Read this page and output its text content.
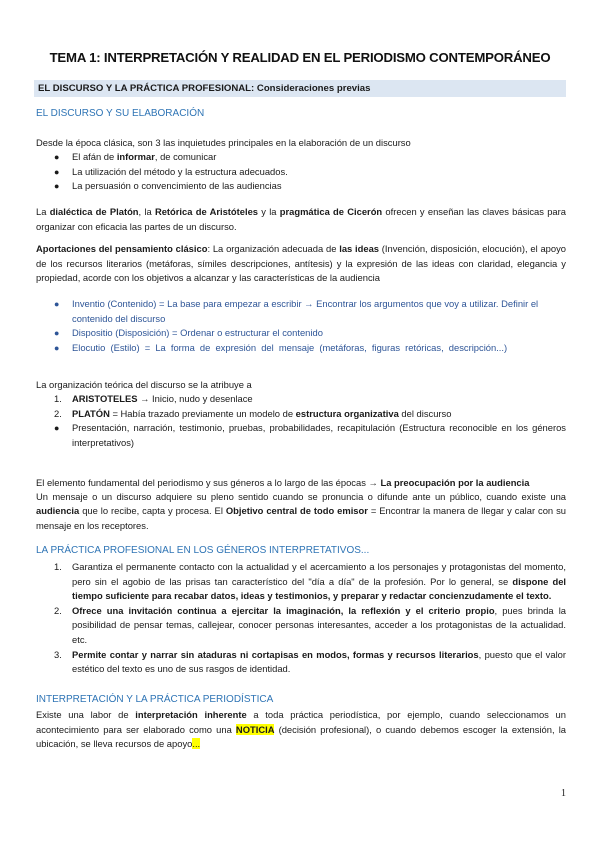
TEMA 1: INTERPRETACIÓN Y REALIDAD EN EL PERIODISMO CONTEMPORÁNEO
EL DISCURSO Y LA PRÁCTICA PROFESIONAL: Consideraciones previas
EL DISCURSO Y SU ELABORACIÓN
Desde la época clásica, son 3 las inquietudes principales en la elaboración de un discurso
● El afán de informar, de comunicar
● La utilización del método y la estructura adecuados.
● La persuasión o convencimiento de las audiencias
La dialéctica de Platón, la Retórica de Aristóteles y la pragmática de Cicerón ofrecen y enseñan las claves básicas para organizar con eficacia las partes de un discurso.
Aportaciones del pensamiento clásico: La organización adecuada de las ideas (Invención, disposición, elocución), el apoyo de los recursos literarios (metáforas, símiles descripciones, antítesis) y la expresión de las ideas con claridad, elegancia y propiedad, acorde con los objetivos a alcanzar y las características de la audiencia
● Inventio (Contenido) = La base para empezar a escribir → Encontrar los argumentos que voy a utilizar. Definir el contenido del discurso
● Dispositio (Disposición) = Ordenar o estructurar el contenido
● Elocutio (Estilo) = La forma de expresión del mensaje (metáforas, figuras retóricas, descripción...)
La organización teórica del discurso se la atribuye a
1. ARISTOTELES → Inicio, nudo y desenlace
2. PLATÓN = Había trazado previamente un modelo de estructura organizativa del discurso
● Presentación, narración, testimonio, pruebas, probabilidades, recapitulación (Estructura reconocible en los géneros interpretativos)
El elemento fundamental del periodismo y sus géneros a lo largo de las épocas → La preocupación por la audiencia
Un mensaje o un discurso adquiere su pleno sentido cuando se pronuncia o difunde ante un público, cuando existe una audiencia que lo recibe, capta y procesa. El Objetivo central de todo emisor = Encontrar la manera de llegar y calar con su mensaje en los receptores.
LA PRÁCTICA PROFESIONAL EN LOS GÉNEROS INTERPRETATIVOS...
1. Garantiza el permanente contacto con la actualidad y el acercamiento a los personajes y protagonistas del momento, pero sin el agobio de las prisas tan característico del "día a día" de la profesión. Por lo general, se dispone del tiempo suficiente para recabar datos, ideas y testimonios, y preparar y redactar concienzudamente el texto.
2. Ofrece una invitación continua a ejercitar la imaginación, la reflexión y el criterio propio, pues brinda la posibilidad de pensar temas, callejear, conocer personas interesantes, acceder a los protagonistas de la actualidad. etc.
3. Permite contar y narrar sin ataduras ni cortapisas en modos, formas y recursos literarios, puesto que el valor estético del texto es uno de sus rasgos de identidad.
INTERPRETACIÓN Y LA PRÁCTICA PERIODÍSTICA
Existe una labor de interpretación inherente a toda práctica periodística, por ejemplo, cuando seleccionamos un acontecimiento para ser elaborado como una NOTICIA (decisión profesional), o cuando debemos escoger la extensión, la ubicación, se lleva recursos de apoyo...
1
